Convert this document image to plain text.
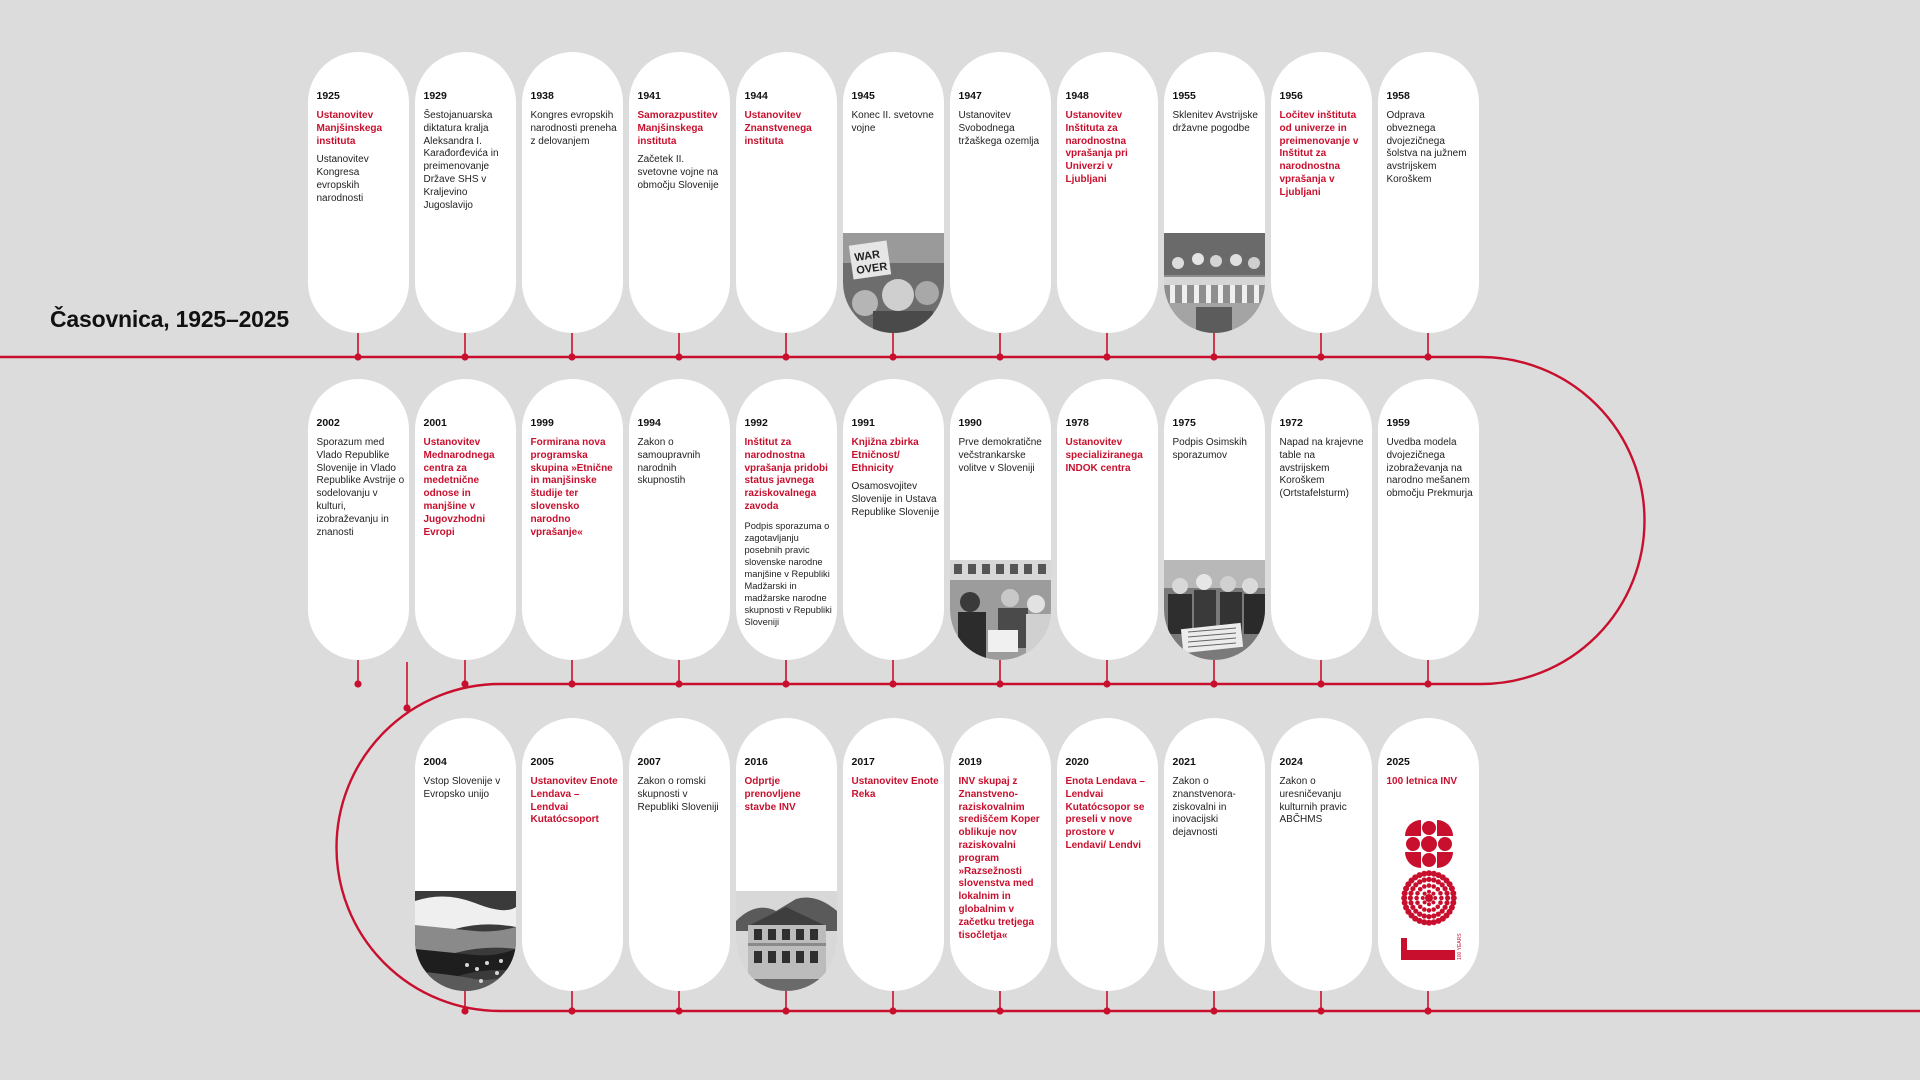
Časovnica, 1925–2025
1925
Ustanovitev Manjšinskega instituta
Ustanovitev Kongresa evropskih narodnosti
1929
Šestojanuarska diktatura kralja Aleksandra I. Karađorđevića in preimenovanje Države SHS v Kraljevino Jugoslavijo
1938
Kongres evropskih narodnosti preneha z delovanjem
1941
Samorazpustitev Manjšinskega instituta
Začetek II. svetovne vojne na območju Slovenije
1944
Ustanovitev Znanstvenega instituta
1945
Konec II. svetovne vojne
WAR
OVER
1947
Ustanovitev Svobodnega tržaškega ozemlja
1948
Ustanovitev Inštituta za narodnostna vprašanja pri Univerzi v Ljubljani
1955
Sklenitev Avstrijske državne pogodbe
1956
Ločitev inštituta od univerze in preimenovanje v Inštitut za narodnostna vprašanja v Ljubljani
1958
Odprava obveznega dvojezičnega šolstva na južnem avstrijskem Koroškem
2002
Sporazum med Vlado Republike Slovenije in Vlado Republike Avstrije o sodelovanju v kulturi, izobraževanju in znanosti
2001
Ustanovitev Mednarodnega centra za medetnične odnose in manjšine v Jugovzhodni Evropi
1999
Formirana nova programska skupina »Etnične in manjšinske študije ter slovensko narodno vprašanje«
1994
Zakon o samoupravnih narodnih skupnostih
1992
Inštitut za narodnostna vprašanja pridobi status javnega raziskovalnega zavoda
Podpis sporazuma o zagotavljanju posebnih pravic slovenske narodne manjšine v Republiki Madžarski in madžarske narodne skupnosti v Republiki Sloveniji
1991
Knjižna zbirka Etničnost/ Ethnicity
Osamosvojitev Slovenije in Ustava Republike Slovenije
1990
Prve demokratične večstrankarske volitve v Sloveniji
1978
Ustanovitev specializiranega INDOK centra
1975
Podpis Osimskih sporazumov
1972
Napad na krajevne table na avstrijskem Koroškem (Ortstafelsturm)
1959
Uvedba modela dvojezičnega izobraževanja na narodno mešanem območju Prekmurja
2004
Vstop Slovenije v Evropsko unijo
2005
Ustanovitev Enote Lendava – Lendvai Kutatócsoport
2007
Zakon o romski skupnosti v Republiki Sloveniji
2016
Odprtje prenovljene stavbe INV
2017
Ustanovitev Enote Reka
2019
INV skupaj z Znanstveno-raziskovalnim središčem Koper oblikuje nov raziskovalni program »Razsežnosti slovenstva med lokalnim in globalnim v začetku tretjega tisočletja«
2020
Enota Lendava – Lendvai Kutatócsopor se preseli v nove prostore v Lendavi/ Lendvi
2021
Zakon o znanstvenora-ziskovalni in inovacijski dejavnosti
2024
Zakon o uresničevanju kulturnih pravic ABČHMS
2025
100 letnica INV
100 YEARS
